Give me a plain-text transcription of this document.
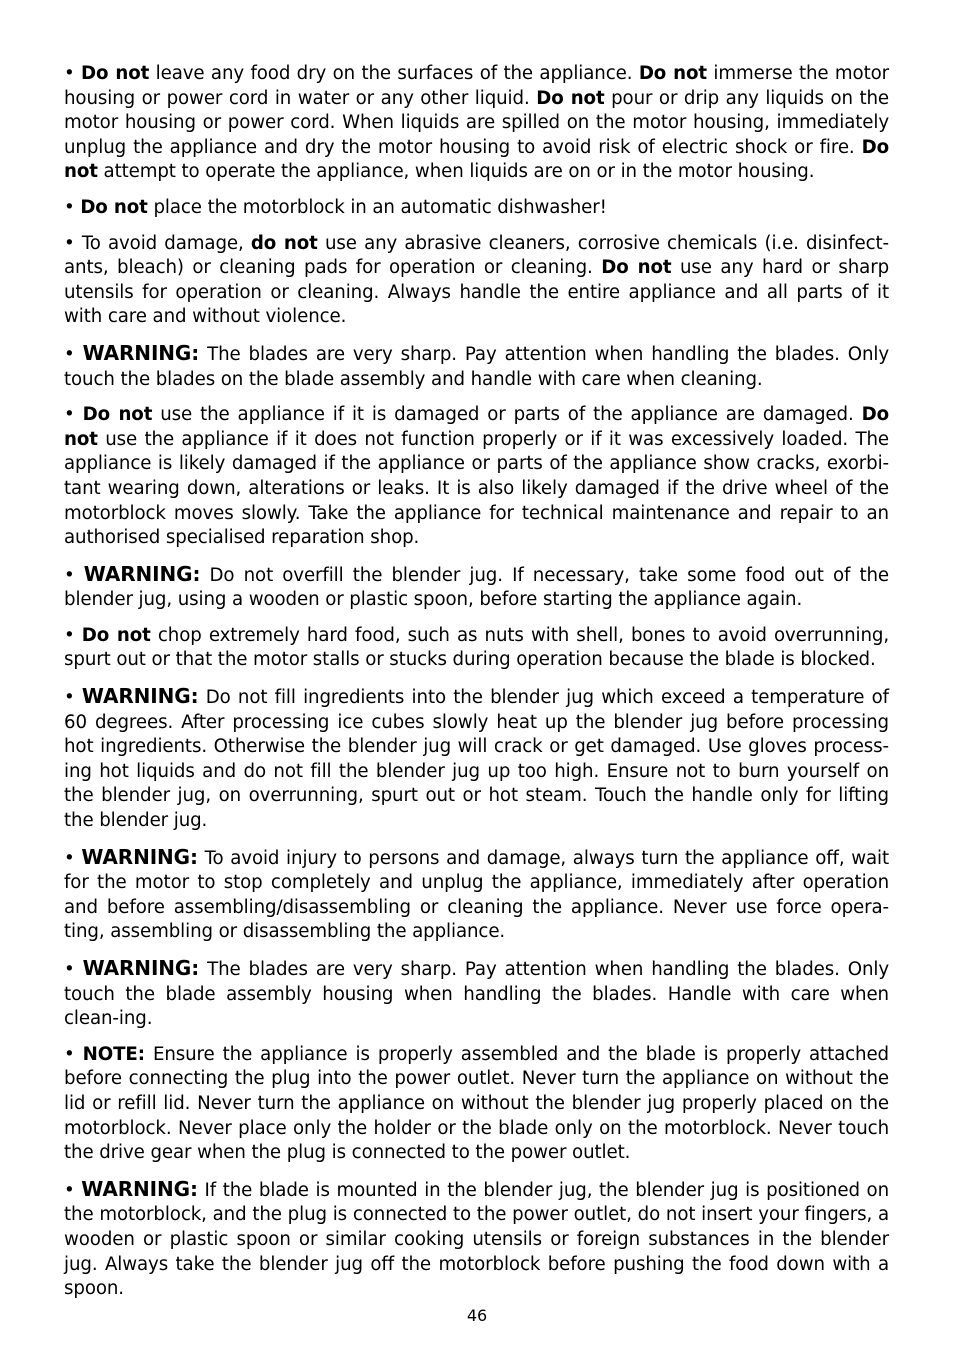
• Do not leave any food dry on the surfaces of the appliance. Do not immerse the motor housing or power cord in water or any other liquid. Do not pour or drip any liquids on the motor housing or power cord. When liquids are spilled on the motor housing, immediately unplug the appliance and dry the motor housing to avoid risk of electric shock or fire. Do not attempt to operate the appliance, when liquids are on or in the motor housing.

• Do not place the motorblock in an automatic dishwasher!

• To avoid damage, do not use any abrasive cleaners, corrosive chemicals (i.e. disinfect-ants, bleach) or cleaning pads for operation or cleaning. Do not use any hard or sharp utensils for operation or cleaning. Always handle the entire appliance and all parts of it with care and without violence.

• WARNING: The blades are very sharp. Pay attention when handling the blades. Only touch the blades on the blade assembly and handle with care when cleaning.

• Do not use the appliance if it is damaged or parts of the appliance are damaged. Do not use the appliance if it does not function properly or if it was excessively loaded. The appliance is likely damaged if the appliance or parts of the appliance show cracks, exorbi-tant wearing down, alterations or leaks. It is also likely damaged if the drive wheel of the motorblock moves slowly. Take the appliance for technical maintenance and repair to an authorised specialised reparation shop.

• WARNING: Do not overfill the blender jug. If necessary, take some food out of the blender jug, using a wooden or plastic spoon, before starting the appliance again.

• Do not chop extremely hard food, such as nuts with shell, bones to avoid overrunning, spurt out or that the motor stalls or stucks during operation because the blade is blocked.

• WARNING: Do not fill ingredients into the blender jug which exceed a temperature of 60 degrees. After processing ice cubes slowly heat up the blender jug before processing hot ingredients. Otherwise the blender jug will crack or get damaged. Use gloves process-ing hot liquids and do not fill the blender jug up too high. Ensure not to burn yourself on the blender jug, on overrunning, spurt out or hot steam. Touch the handle only for lifting the blender jug.

• WARNING: To avoid injury to persons and damage, always turn the appliance off, wait for the motor to stop completely and unplug the appliance, immediately after operation and before assembling/disassembling or cleaning the appliance. Never use force opera-ting, assembling or disassembling the appliance.

• WARNING: The blades are very sharp. Pay attention when handling the blades. Only touch the blade assembly housing when handling the blades. Handle with care when clean-ing.

• NOTE: Ensure the appliance is properly assembled and the blade is properly attached before connecting the plug into the power outlet. Never turn the appliance on without the lid or refill lid. Never turn the appliance on without the blender jug properly placed on the motorblock. Never place only the holder or the blade only on the motorblock. Never touch the drive gear when the plug is connected to the power outlet.

• WARNING: If the blade is mounted in the blender jug, the blender jug is positioned on the motorblock, and the plug is connected to the power outlet, do not insert your fingers, a wooden or plastic spoon or similar cooking utensils or foreign substances in the blender jug. Always take the blender jug off the motorblock before pushing the food down with a spoon.

46
